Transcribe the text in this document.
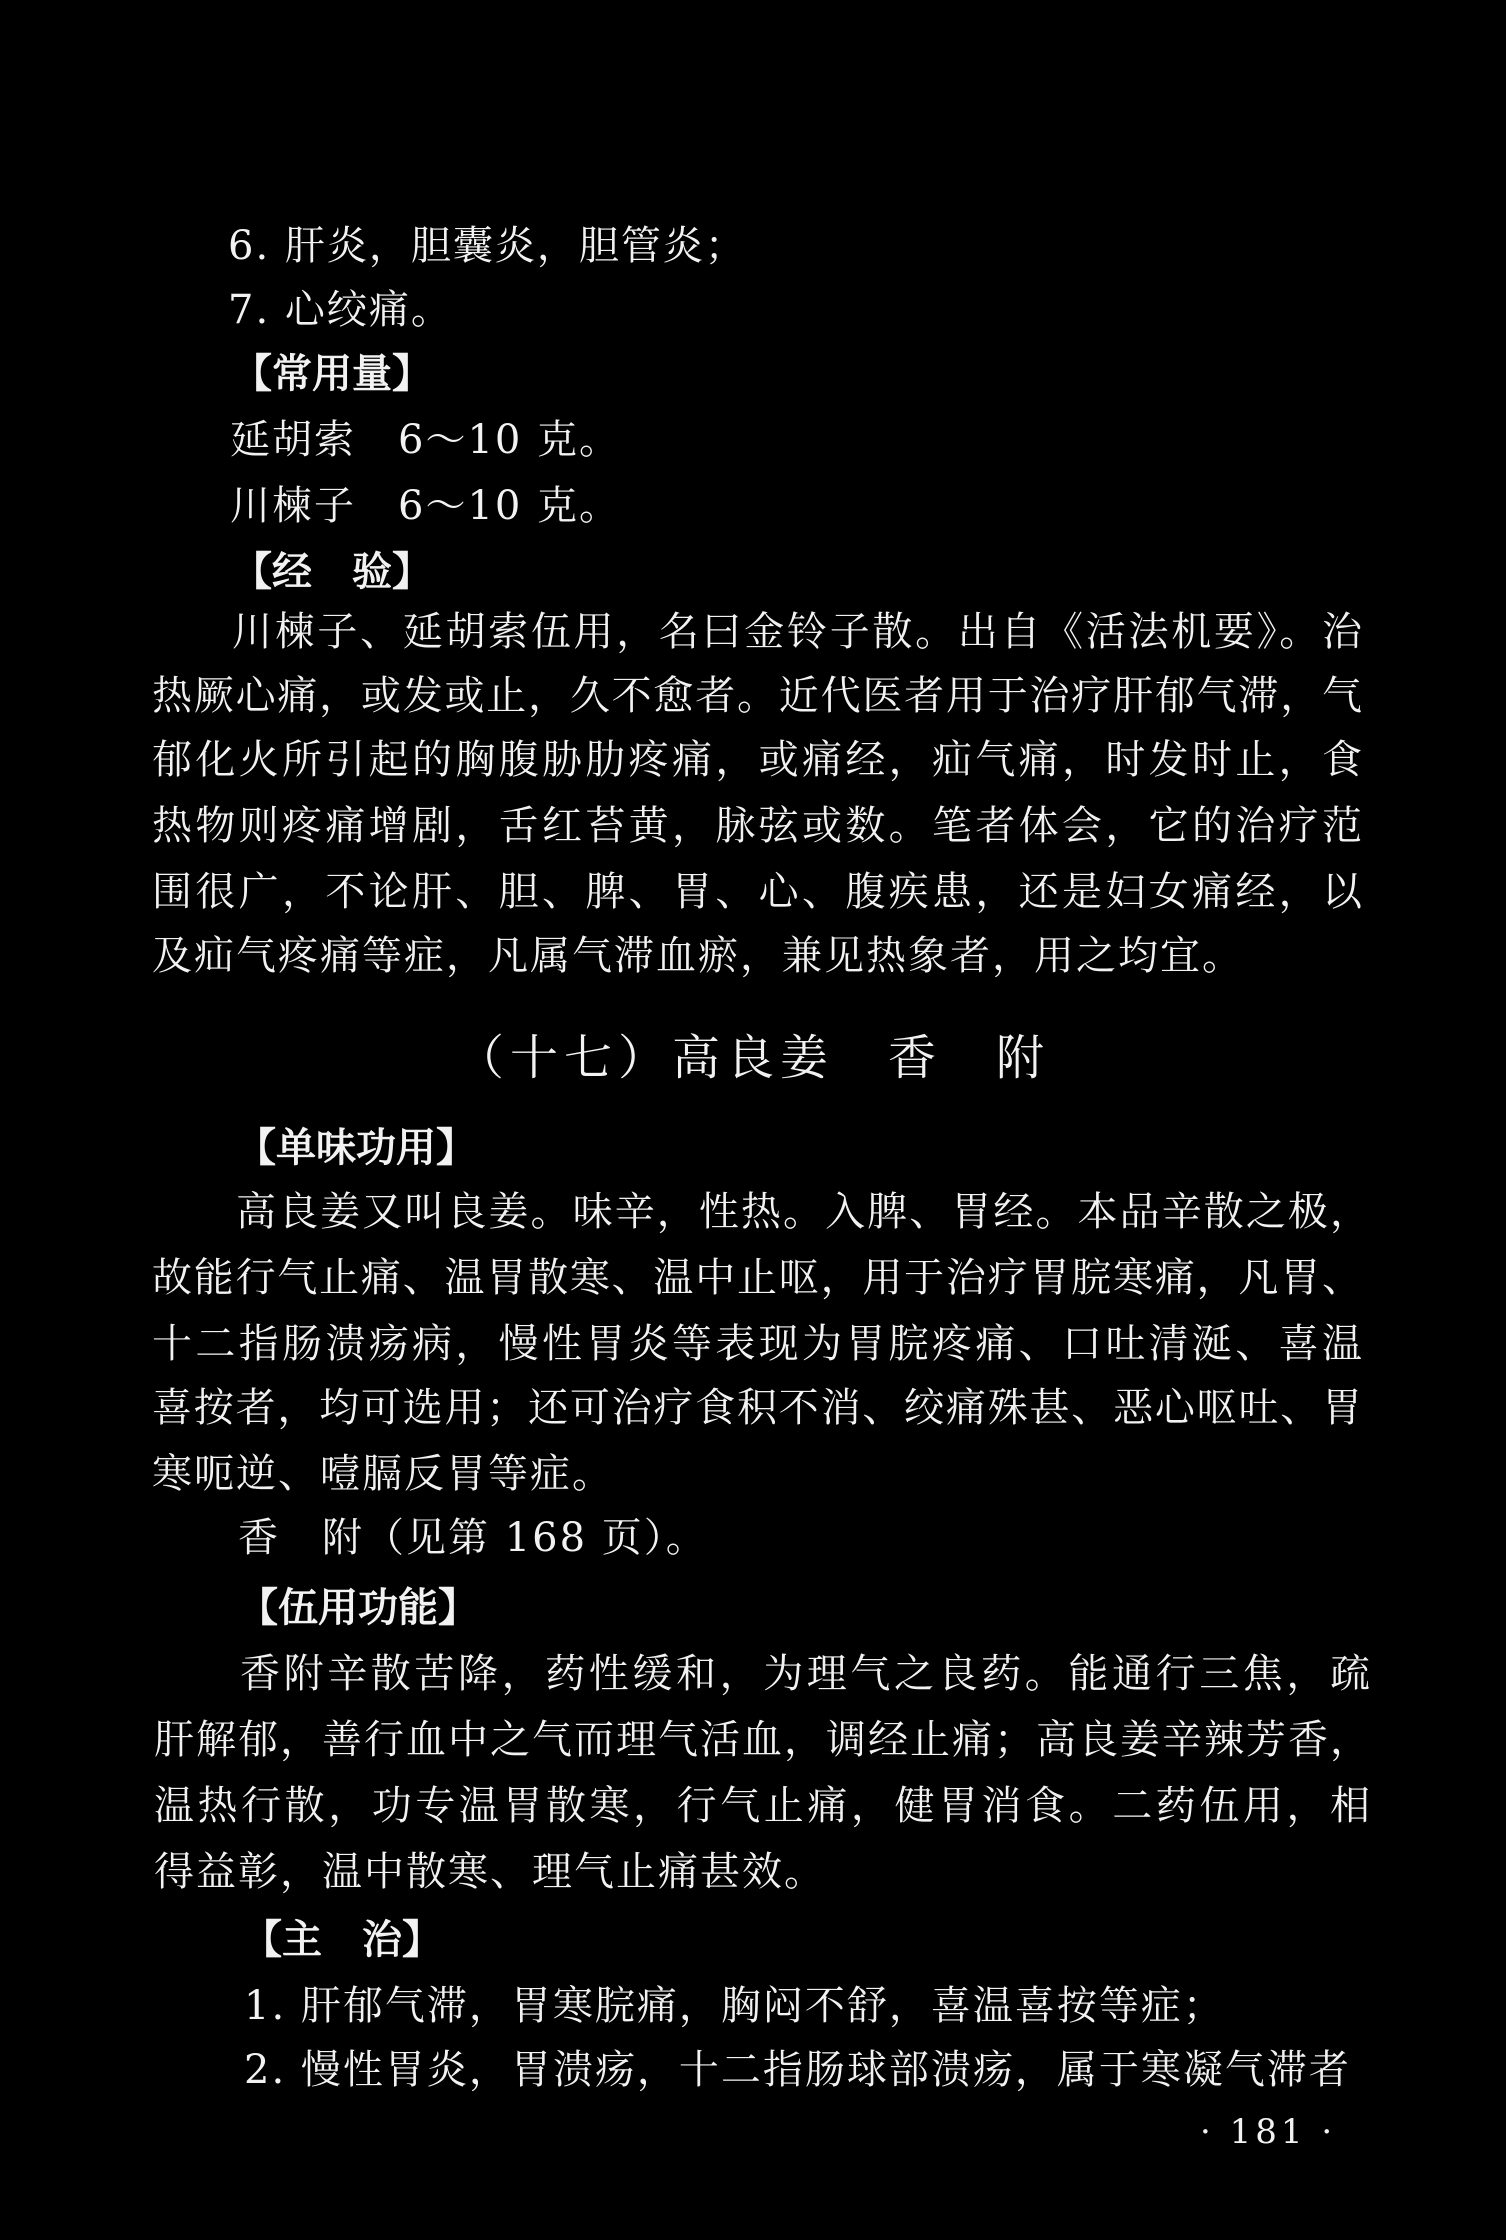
6. 肝炎，胆囊炎，胆管炎；
7. 心绞痛。
【常用量】
延胡索　6～10 克。
川楝子　6～10 克。
【经　验】
川楝子、延胡索伍用，名曰金铃子散。出自《活法机要》。治
热厥心痛，或发或止，久不愈者。近代医者用于治疗肝郁气滞，气
郁化火所引起的胸腹胁肋疼痛，或痛经，疝气痛，时发时止，食
热物则疼痛增剧，舌红苔黄，脉弦或数。笔者体会，它的治疗范
围很广，不论肝、胆、脾、胃、心、腹疾患，还是妇女痛经，以
及疝气疼痛等症，凡属气滞血瘀，兼见热象者，用之均宜。
（十七）高良姜　香　附
【单味功用】
高良姜又叫良姜。味辛，性热。入脾、胃经。本品辛散之极，
故能行气止痛、温胃散寒、温中止呕，用于治疗胃脘寒痛，凡胃、
十二指肠溃疡病，慢性胃炎等表现为胃脘疼痛、口吐清涎、喜温
喜按者，均可选用；还可治疗食积不消、绞痛殊甚、恶心呕吐、胃
寒呃逆、噎膈反胃等症。
香　附（见第 168 页）。
【伍用功能】
香附辛散苦降，药性缓和，为理气之良药。能通行三焦，疏
肝解郁，善行血中之气而理气活血，调经止痛；高良姜辛辣芳香，
温热行散，功专温胃散寒，行气止痛，健胃消食。二药伍用，相
得益彰，温中散寒、理气止痛甚效。
【主　治】
1. 肝郁气滞，胃寒脘痛，胸闷不舒，喜温喜按等症；
2. 慢性胃炎，胃溃疡，十二指肠球部溃疡，属于寒凝气滞者
· 181 ·
